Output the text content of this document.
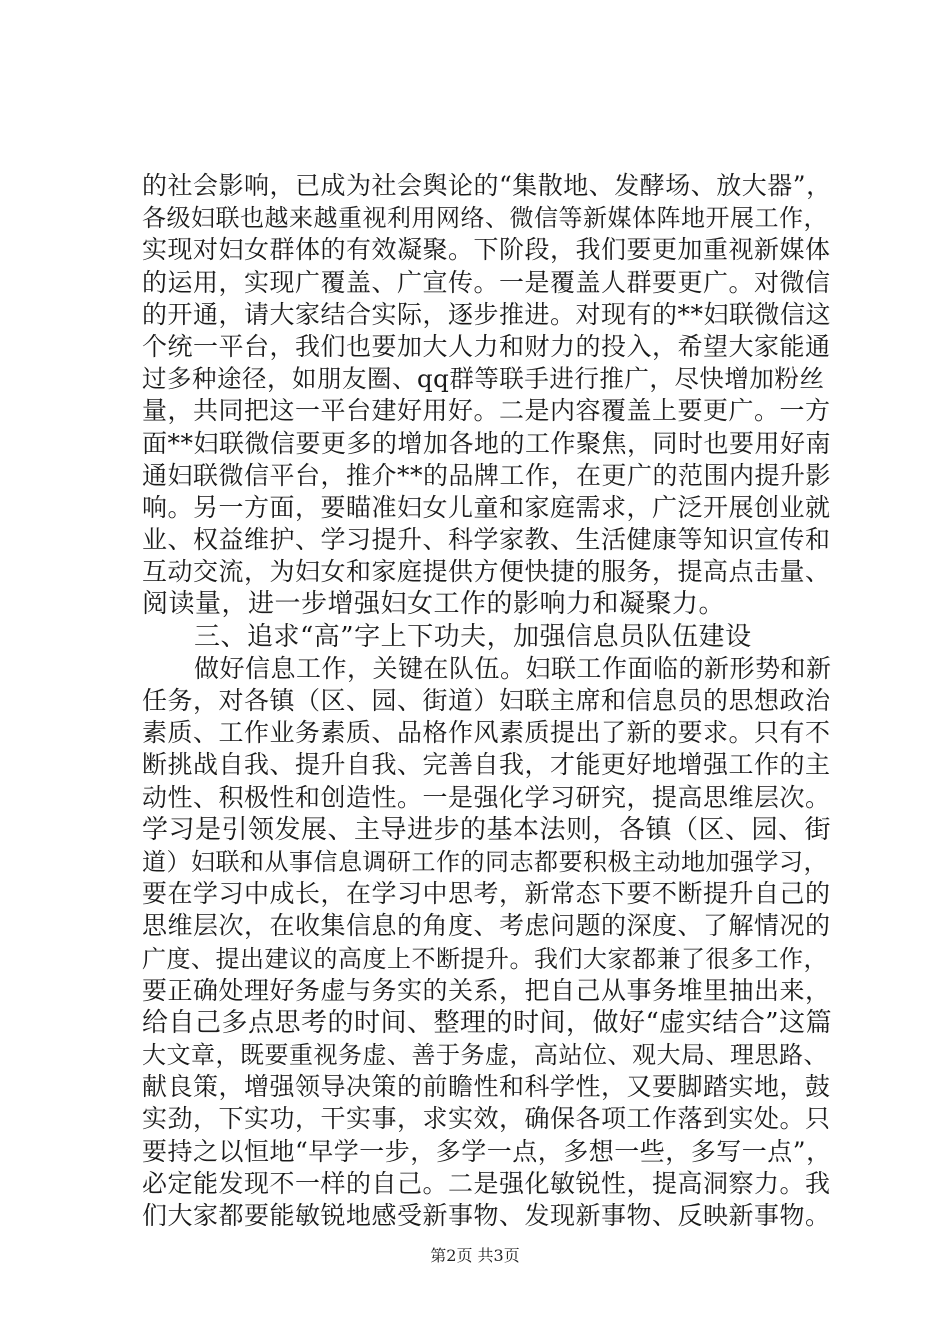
的社会影响，已成为社会舆论的“集散地、发酵场、放大器”，
各级妇联也越来越重视利用网络、微信等新媒体阵地开展工作，
实现对妇女群体的有效凝聚。下阶段，我们要更加重视新媒体
的运用，实现广覆盖、广宣传。一是覆盖人群要更广。对微信
的开通，请大家结合实际，逐步推进。对现有的**妇联微信这
个统一平台，我们也要加大人力和财力的投入，希望大家能通
过多种途径，如朋友圈、qq群等联手进行推广，尽快增加粉丝
量，共同把这一平台建好用好。二是内容覆盖上要更广。一方
面**妇联微信要更多的增加各地的工作聚焦，同时也要用好南
通妇联微信平台，推介**的品牌工作，在更广的范围内提升影
响。另一方面，要瞄准妇女儿童和家庭需求，广泛开展创业就
业、权益维护、学习提升、科学家教、生活健康等知识宣传和
互动交流，为妇女和家庭提供方便快捷的服务，提高点击量、
阅读量，进一步增强妇女工作的影响力和凝聚力。
三、追求“高”字上下功夫，加强信息员队伍建设
做好信息工作，关键在队伍。妇联工作面临的新形势和新
任务，对各镇（区、园、街道）妇联主席和信息员的思想政治
素质、工作业务素质、品格作风素质提出了新的要求。只有不
断挑战自我、提升自我、完善自我，才能更好地增强工作的主
动性、积极性和创造性。一是强化学习研究，提高思维层次。
学习是引领发展、主导进步的基本法则，各镇（区、园、街
道）妇联和从事信息调研工作的同志都要积极主动地加强学习，
要在学习中成长，在学习中思考，新常态下要不断提升自己的
思维层次，在收集信息的角度、考虑问题的深度、了解情况的
广度、提出建议的高度上不断提升。我们大家都兼了很多工作，
要正确处理好务虚与务实的关系，把自己从事务堆里抽出来，
给自己多点思考的时间、整理的时间，做好“虚实结合”这篇
大文章，既要重视务虚、善于务虚，高站位、观大局、理思路、
献良策，增强领导决策的前瞻性和科学性，又要脚踏实地，鼓
实劲，下实功，干实事，求实效，确保各项工作落到实处。只
要持之以恒地“早学一步，多学一点，多想一些，多写一点”，
必定能发现不一样的自己。二是强化敏锐性，提高洞察力。我
们大家都要能敏锐地感受新事物、发现新事物、反映新事物。
第2页 共3页
